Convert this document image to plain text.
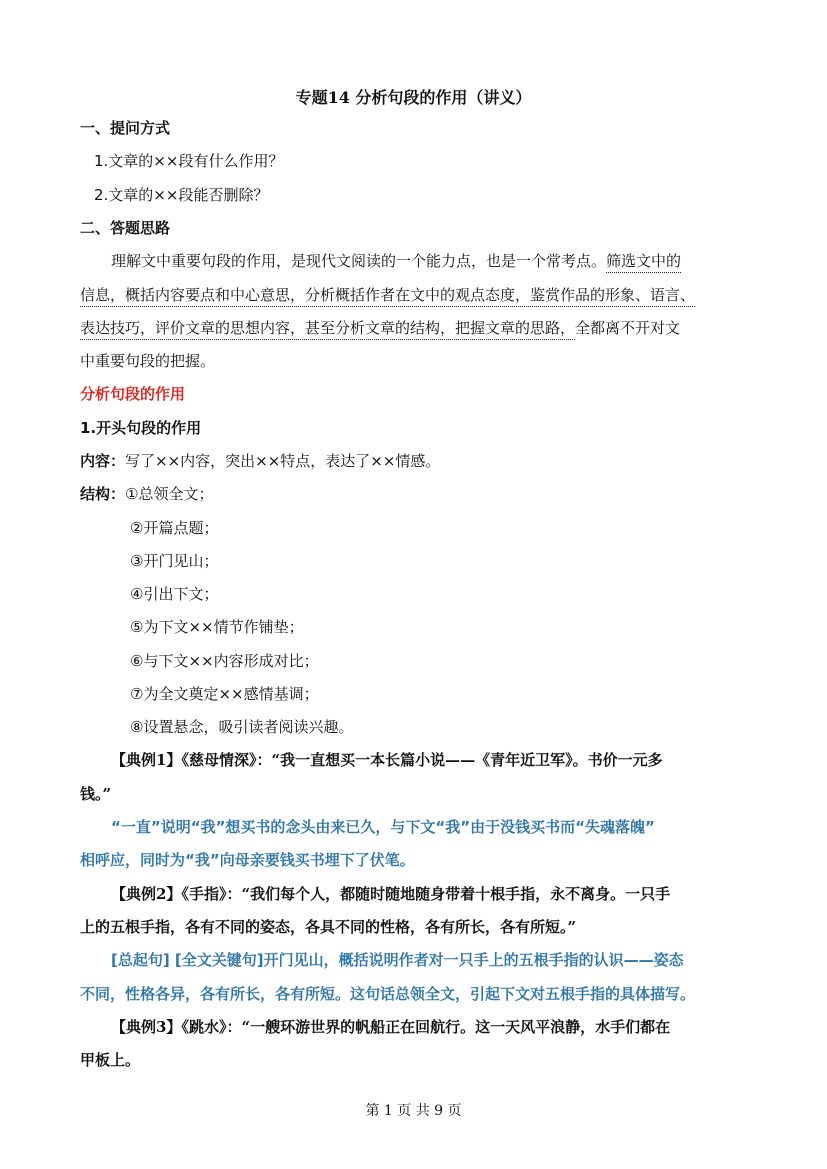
专题14 分析句段的作用（讲义）
一、提问方式
1.文章的××段有什么作用？
2.文章的××段能否删除？
二、答题思路
理解文中重要句段的作用，是现代文阅读的一个能力点，也是一个常考点。筛选文中的
信息，概括内容要点和中心意思，分析概括作者在文中的观点态度，鉴赏作品的形象、语言、
表达技巧，评价文章的思想内容，甚至分析文章的结构，把握文章的思路，全都离不开对文
中重要句段的把握。
分析句段的作用
1.开头句段的作用
内容：写了××内容，突出××特点，表达了××情感。
结构：①总领全文；
②开篇点题；
③开门见山；
④引出下文；
⑤为下文××情节作铺垫；
⑥与下文××内容形成对比；
⑦为全文奠定××感情基调；
⑧设置悬念，吸引读者阅读兴趣。
【典例1】《慈母情深》：“我一直想买一本长篇小说——《青年近卫军》。书价一元多
钱。”
“一直”说明“我”想买书的念头由来已久，与下文“我”由于没钱买书而“失魂落魄”
相呼应，同时为“我”向母亲要钱买书埋下了伏笔。
【典例2】《手指》：“我们每个人，都随时随地随身带着十根手指，永不离身。一只手
上的五根手指，各有不同的姿态，各具不同的性格，各有所长，各有所短。”
[总起句] [全文关键句]开门见山，概括说明作者对一只手上的五根手指的认识——姿态
不同，性格各异，各有所长，各有所短。这句话总领全文，引起下文对五根手指的具体描写。
【典例3】《跳水》：“一艘环游世界的帆船正在回航行。这一天风平浪静，水手们都在
甲板上。
第 1 页 共 9 页
